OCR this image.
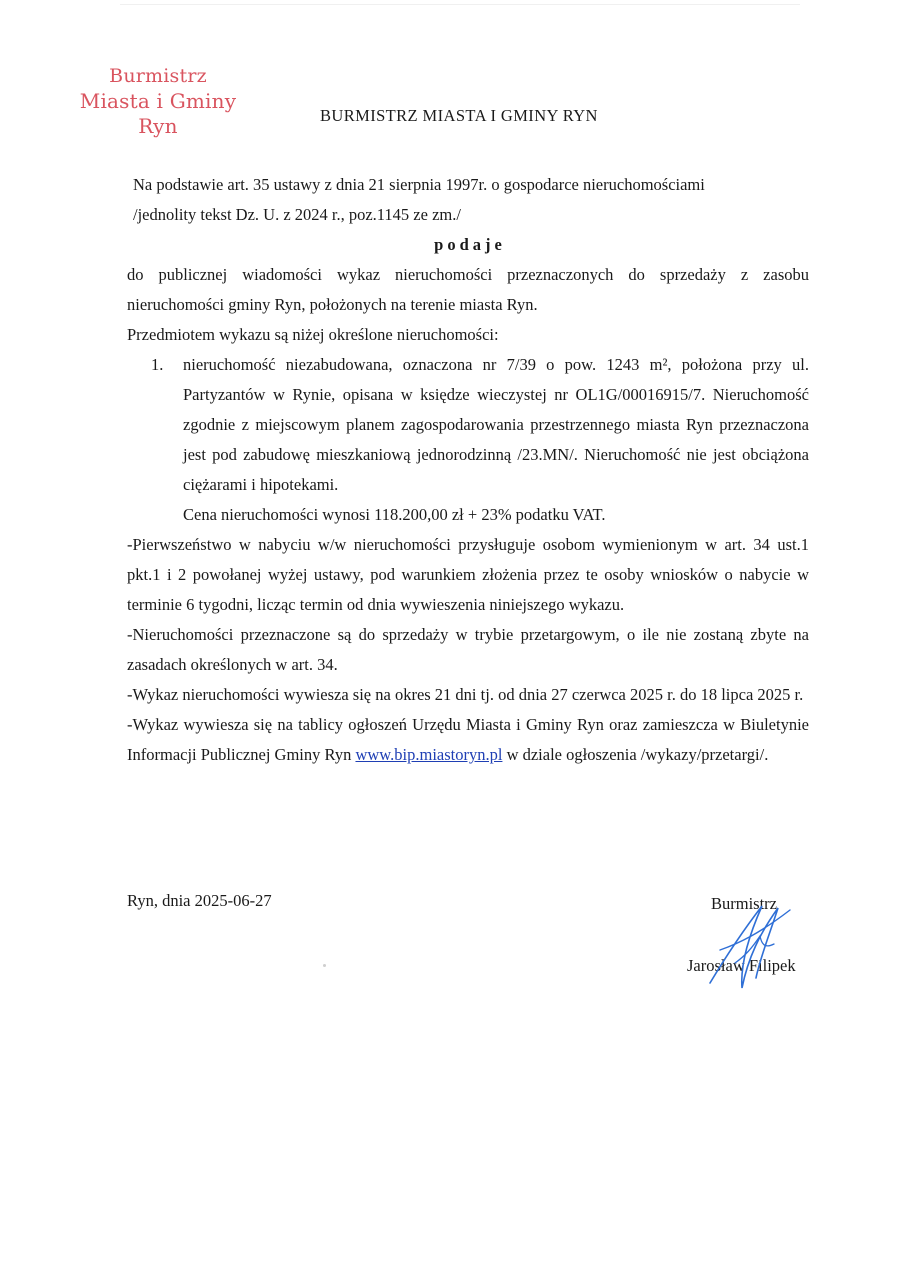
Burmistrz
Miasta i Gminy Ryn	BURMISTRZ MIASTA I GMINY RYN

Na podstawie art. 35 ustawy z dnia 21 sierpnia 1997r. o gospodarce nieruchomościami

/jednolity tekst Dz. U. z 2024 r., poz.1145 ze zm./

podaje

do publicznej wiadomości wykaz nieruchomości przeznaczonych do sprzedaży z zasobu nieruchomości gminy Ryn, położonych na terenie miasta Ryn.

Przedmiotem wykazu są niżej określone nieruchomości:

1. nieruchomość niezabudowana, oznaczona nr 7/39 o pow. 1243 m², położona przy ul. Partyzantów w Rynie, opisana w księdze wieczystej nr OL1G/00016915/7. Nieruchomość zgodnie z miejscowym planem zagospodarowania przestrzennego miasta Ryn przeznaczona jest pod zabudowę mieszkaniową jednorodzinną /23.MN/. Nieruchomość nie jest obciążona ciężarami i hipotekami.

Cena nieruchomości wynosi 118.200,00 zł + 23% podatku VAT.

-Pierwszeństwo w nabyciu w/w nieruchomości przysługuje osobom wymienionym w art. 34 ust.1 pkt.1 i 2 powołanej wyżej ustawy, pod warunkiem złożenia przez te osoby wniosków o nabycie w terminie 6 tygodni, licząc termin od dnia wywieszenia niniejszego wykazu.

-Nieruchomości przeznaczone są do sprzedaży w trybie przetargowym, o ile nie zostaną zbyte na zasadach określonych w art. 34.

-Wykaz nieruchomości wywiesza się na okres 21 dni tj. od dnia 27 czerwca 2025 r. do 18 lipca 2025 r.

-Wykaz wywiesza się na tablicy ogłoszeń Urzędu Miasta i Gminy Ryn oraz zamieszcza w Biuletynie Informacji Publicznej Gminy Ryn www.bip.miastoryn.pl w dziale ogłoszenia /wykazy/przetargi/.

Ryn, dnia 2025-06-27	Burmistrz
Jarosław Filipek
